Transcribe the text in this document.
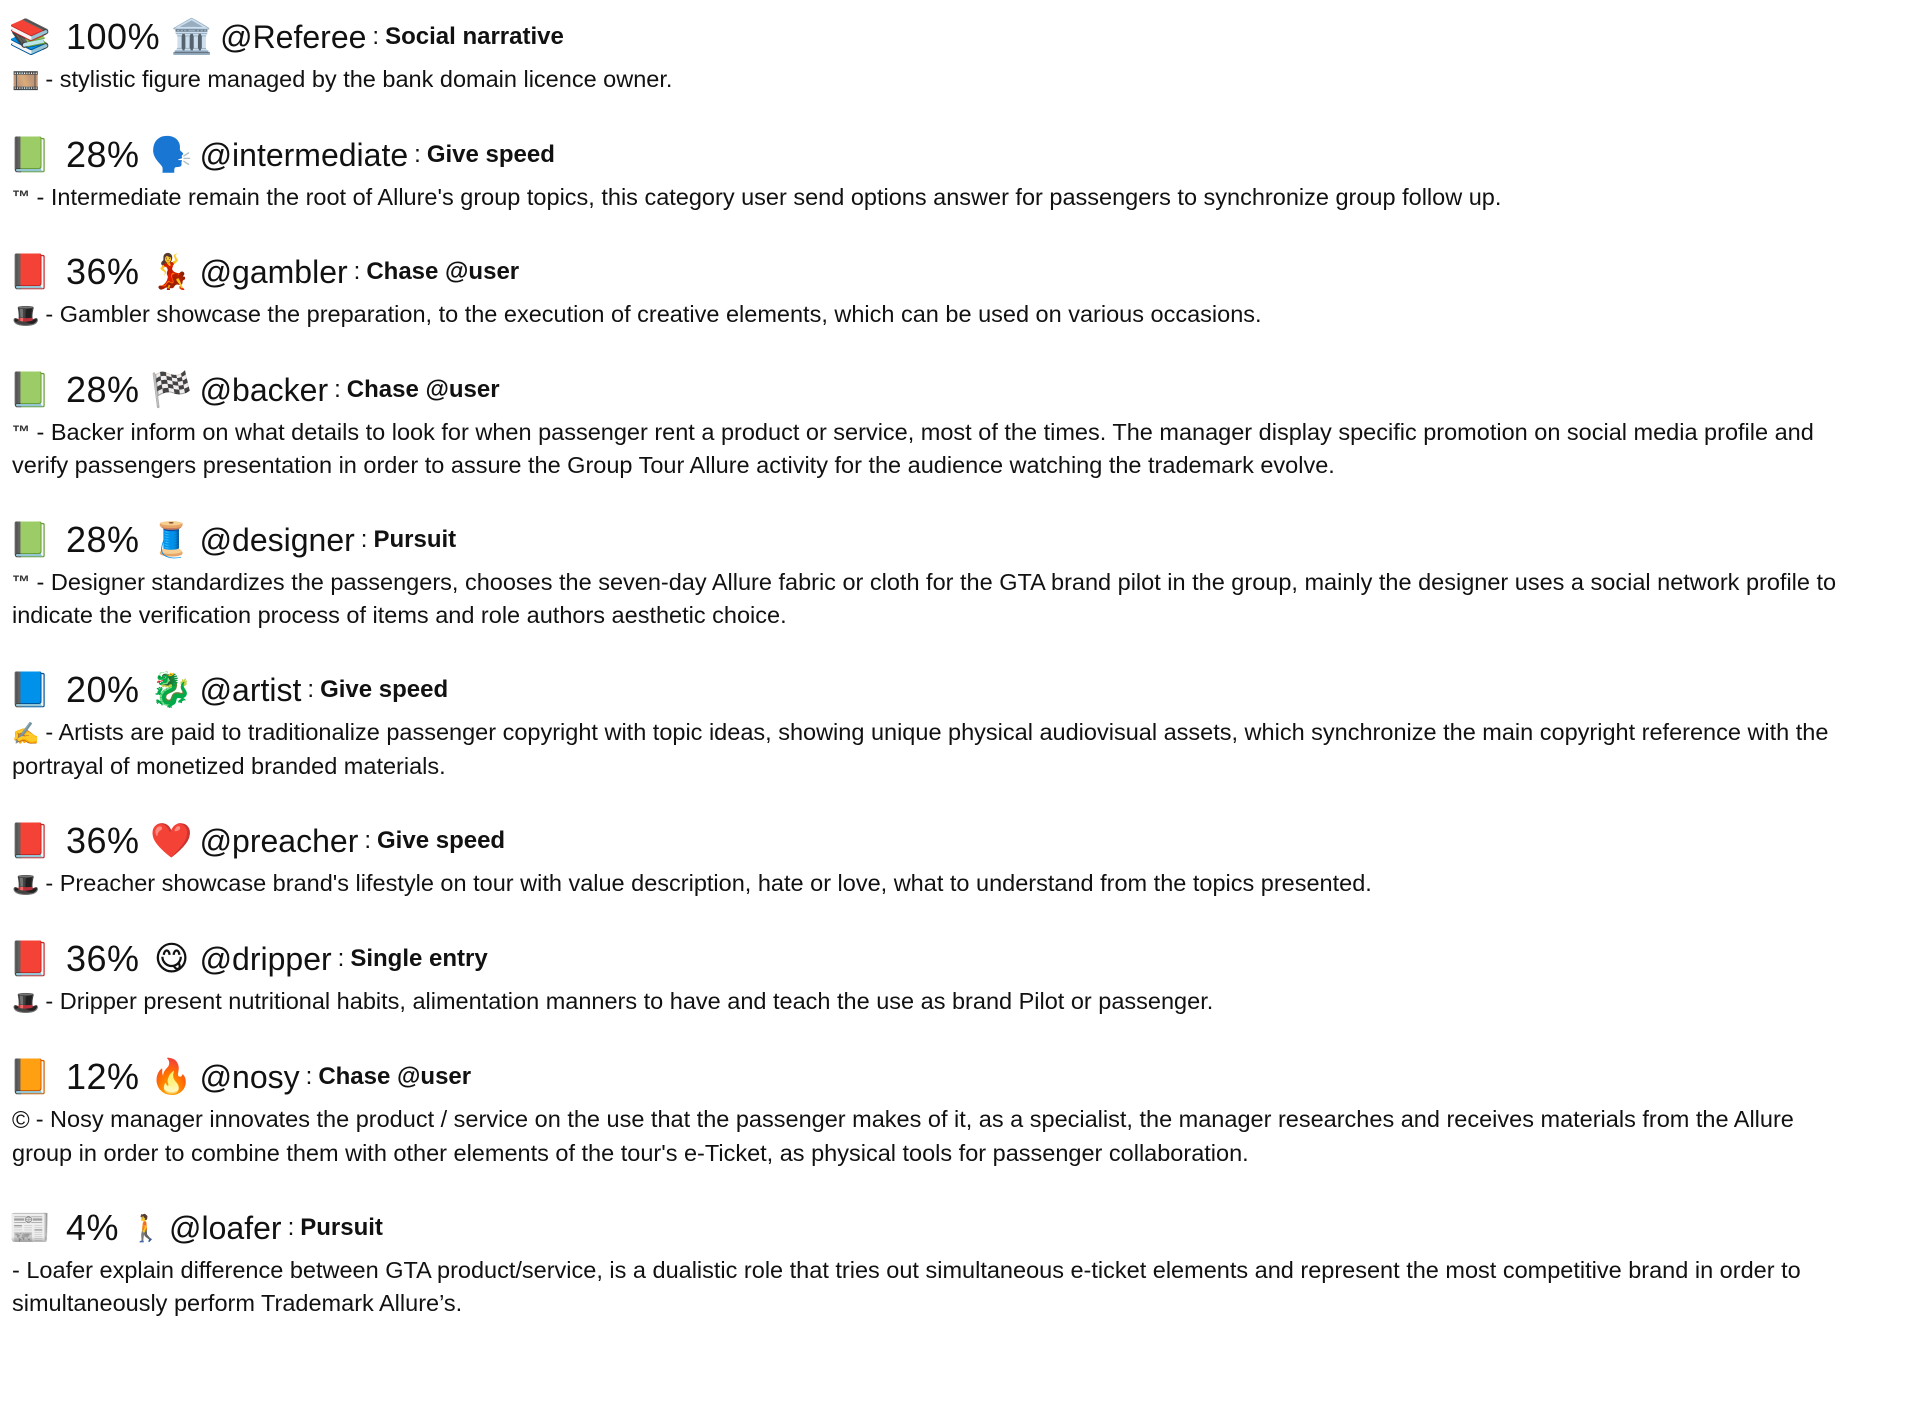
📚 100% 🏛️ @Referee : Social narrative
🎞️ - stylistic figure managed by the bank domain licence owner.
📗 28% 🗣️ @intermediate : Give speed
™ - Intermediate remain the root of Allure's group topics, this category user send options answer for passengers to synchronize group follow up.
📕 36% 💃 @gambler : Chase @user
🎩 - Gambler showcase the preparation, to the execution of creative elements, which can be used on various occasions.
📗 28% 🏁 @backer : Chase @user
™ - Backer inform on what details to look for when passenger rent a product or service, most of the times. The manager display specific promotion on social media profile and verify passengers presentation in order to assure the Group Tour Allure activity for the audience watching the trademark evolve.
📗 28% 🧵 @designer : Pursuit
™ - Designer standardizes the passengers, chooses the seven-day Allure fabric or cloth for the GTA brand pilot in the group, mainly the designer uses a social network profile to indicate the verification process of items and role authors aesthetic choice.
📘 20% 🐉 @artist : Give speed
✍️ - Artists are paid to traditionalize passenger copyright with topic ideas, showing unique physical audiovisual assets, which synchronize the main copyright reference with the portrayal of monetized branded materials.
📕 36% ❤️ @preacher : Give speed
🎩 - Preacher showcase brand's lifestyle on tour with value description, hate or love, what to understand from the topics presented.
📕 36% 😋 @dripper : Single entry
🎩 - Dripper present nutritional habits, alimentation manners to have and teach the use as brand Pilot or passenger.
📙 12% 🔥 @nosy : Chase @user
© - Nosy manager innovates the product / service on the use that the passenger makes of it, as a specialist, the manager researches and receives materials from the Allure group in order to combine them with other elements of the tour's e-Ticket, as physical tools for passenger collaboration.
📰 4% 🚶 @loafer : Pursuit
- Loafer explain difference between GTA product/service, is a dualistic role that tries out simultaneous e-ticket elements and represent the most competitive brand in order to simultaneously perform Trademark Allure’s.
